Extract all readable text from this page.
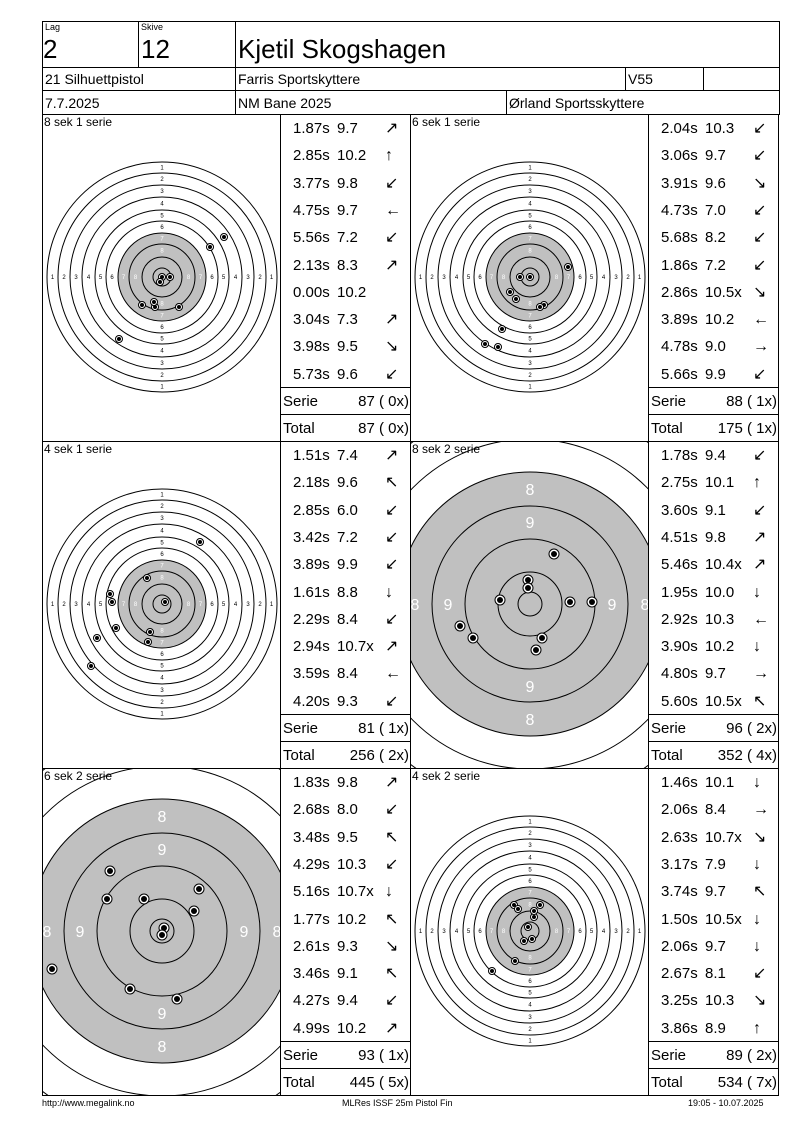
Lag
2
Skive
12	Kjetil Skogshagen
21 Silhuettpistol	Farris Sportskyttere	V55
7.7.2025	NM Bane 2025	Ørland Sportsskyttere
1
1
1	1
2
2
2	2
3
3
3	3
4
4
4	4
5
5
5	5
6
6
6	6
7
7
7	7
8
8
8	8
8 sek 1 serie	1.87s 9.7 ↗
2.85s 10.2 ↑
3.77s 9.8 ↙
4.75s 9.7 ←
5.56s 7.2 ↙
2.13s 8.3 ↗
0.00s 10.2
3.04s 7.3 ↗
3.98s 9.5 ↘
5.73s 9.6 ↙
Serie	87 ( 0x)
Total	87 ( 0x)
1
1
1	1
2
2
2	2
3
3
3	3
4
4
4	4
5
5
5	5
6
6
6	6
7
7
7	7
8
8
8	8
6 sek 1 serie	2.04s 10.3 ↙
3.06s 9.7 ↙
3.91s 9.6 ↘
4.73s 7.0 ↙
5.68s 8.2 ↙
1.86s 7.2 ↙
2.86s 10.5x ↘
3.89s 10.2 ←
4.78s 9.0 →
5.66s 9.9 ↙
Serie	88 ( 1x)
Total 175 ( 1x)
1
1
1	1
2
2
2	2
3
3
3	3
4
4
4	4
5
5
5	5
6
6
6
7
7
7	7
8
8
8	8
4 sek 1 serie	1.51s 7.4 ↗
2.18s 9.6 ↖
2.85s 6.0 ↙
3.42s 7.2 ↙
3.89s 9.9 ↙
1.61s 8.8 ↓
2.29s 8.4 ↙
2.94s 10.7x ↗
3.59s 8.4 ←
4.20s 9.3 ↙
Serie	81 ( 1x)
Total 256 ( 2x)
7
7
8
8
8	8
9
9
9	9
8 sek 2 serie	1.78s 9.4 ↙
2.75s 10.1 ↑
3.60s 9.1 ↙
4.51s 9.8 ↗
5.46s 10.4x ↗
1.95s 10.0 ↓
2.92s 10.3 ←
3.90s 10.2 ↓
4.80s 9.7 →
5.60s 10.5x ↖
Serie	96 ( 2x)
Total 352 ( 4x)
7
7
8
8
8	8
9
9
9	9
6 sek 2 serie	1.83s 9.8 ↗
2.68s 8.0 ↙
3.48s 9.5 ↖
4.29s 10.3 ↙
5.16s 10.7x ↓
1.77s 10.2 ↖
2.61s 9.3 ↘
3.46s 9.1 ↖
4.27s 9.4 ↙
4.99s 10.2 ↗
Serie	93 ( 1x)
Total 445 ( 5x)
1
1
1	1
2
2
2	2
3
3
3	3
4
4
4	4
5
5
5	5
6
6
6	6
7
7
7	7
8
8
8	8
4 sek 2 serie	1.46s 10.1 ↓
2.06s 8.4 →
2.63s 10.7x ↘
3.17s 7.9 ↓
3.74s 9.7 ↖
1.50s 10.5x ↓
2.06s 9.7 ↓
2.67s 8.1 ↙
3.25s 10.3 ↘
3.86s 8.9 ↑
Serie	89 ( 2x)
Total 534 ( 7x)
http://www.megalink.no	MLRes ISSF 25m Pistol Fin	19:05 - 10.07.2025
